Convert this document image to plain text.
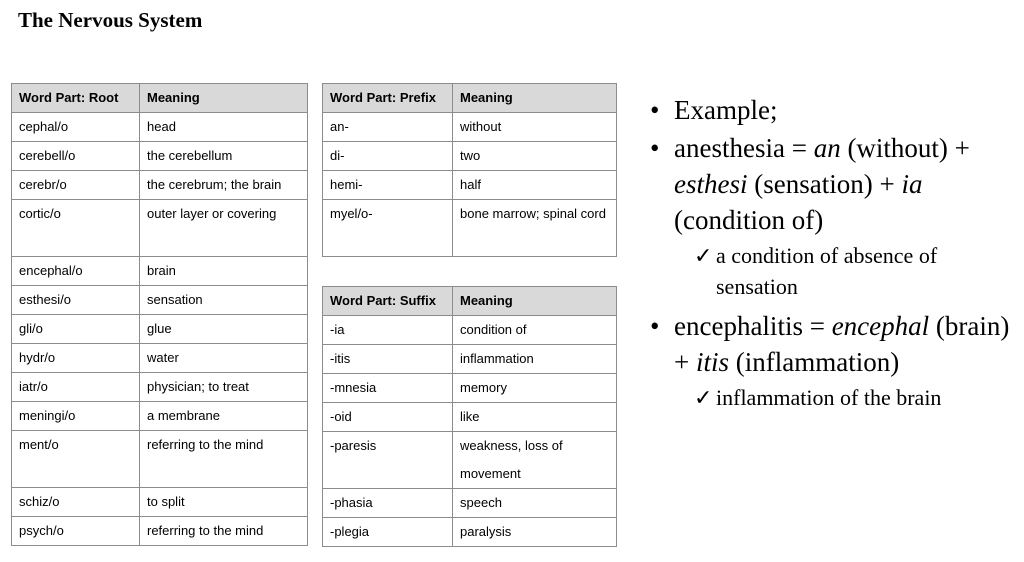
The Nervous System
Word Part: Root	Meaning
cephal/o	head
cerebell/o	the cerebellum
cerebr/o	the cerebrum; the brain
cortic/o	outer layer or covering
encephal/o	brain
esthesi/o	sensation
gli/o	glue
hydr/o	water
iatr/o	physician; to treat
meningi/o	a membrane
ment/o	referring to the mind
schiz/o	to split
psych/o	referring to the mind
Word Part: Prefix	Meaning
an-	without
di-	two
hemi-	half
myel/o-	bone marrow; spinal cord
Word Part: Suffix	Meaning
-ia	condition of
-itis	inflammation
-mnesia	memory
-oid	like
-paresis	weakness, loss of movement
-phasia	speech
-plegia	paralysis
• Example;
• anesthesia = an (without) + esthesi (sensation) + ia (condition of)
✓ a condition of absence of sensation
• encephalitis = encephal (brain) + itis (inflammation)
✓ inflammation of the brain
